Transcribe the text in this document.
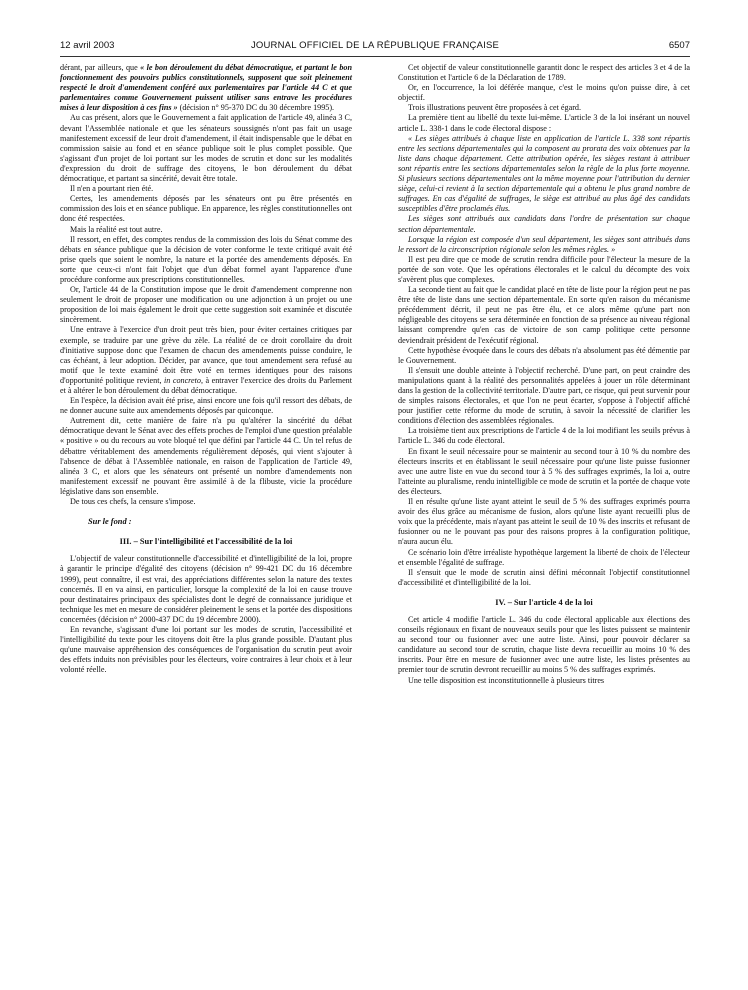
12 avril 2003	JOURNAL OFFICIEL DE LA RÉPUBLIQUE FRANÇAISE	6507

dérant, par ailleurs, que « le bon déroulement du débat démocratique, et partant le bon fonctionnement des pouvoirs publics constitutionnels, supposent que soit pleinement respecté le droit d'amendement conféré aux parlementaires par l'article 44 C et que parlementaires comme Gouvernement puissent utiliser sans entrave les procédures mises à leur disposition à ces fins » (décision n° 95-370 DC du 30 décembre 1995).

Au cas présent, alors que le Gouvernement a fait application de l'article 49, alinéa 3 C, devant l'Assemblée nationale et que les sénateurs soussignés n'ont pas fait un usage manifestement excessif de leur droit d'amendement, il était indispensable que le débat en commission saisie au fond et en séance publique soit le plus complet possible. Que s'agissant d'un projet de loi portant sur les modes de scrutin et donc sur les modalités d'expression du droit de suffrage des citoyens, le bon déroulement du débat démocratique, et partant sa sincérité, devait être totale.

Il n'en a pourtant rien été.

Certes, les amendements déposés par les sénateurs ont pu être présentés en commission des lois et en séance publique. En apparence, les règles constitutionnelles ont donc été respectées.

Mais la réalité est tout autre.

Il ressort, en effet, des comptes rendus de la commission des lois du Sénat comme des débats en séance publique que la décision de voter conforme le texte critiqué avait été prise quels que soient le nombre, la nature et la portée des amendements déposés. En sorte que ceux-ci n'ont fait l'objet que d'un débat formel ayant l'apparence d'une procédure conforme aux prescriptions constitutionnelles.

Or, l'article 44 de la Constitution impose que le droit d'amendement comprenne non seulement le droit de proposer une modification ou une adjonction à un projet ou une proposition de loi mais également le droit que cette suggestion soit examinée et discutée sincèrement.

Une entrave à l'exercice d'un droit peut très bien, pour éviter certaines critiques par exemple, se traduire par une grève du zèle. La réalité de ce droit corollaire du droit d'initiative suppose donc que l'examen de chacun des amendements puisse conduire, le cas échéant, à leur adoption. Décider, par avance, que tout amendement sera refusé au motif que le texte examiné doit être voté en termes identiques pour des raisons d'opportunité politique revient, in concreto, à entraver l'exercice des droits du Parlement et à altérer le bon déroulement du débat démocratique.

En l'espèce, la décision avait été prise, ainsi encore une fois qu'il ressort des débats, de ne donner aucune suite aux amendements déposés par quiconque.

Autrement dit, cette manière de faire n'a pu qu'altérer la sincérité du débat démocratique devant le Sénat avec des effets proches de l'emploi d'une question préalable « positive » ou du recours au vote bloqué tel que défini par l'article 44 C. Un tel refus de débattre véritablement des amendements régulièrement déposés, qui vient s'ajouter à l'absence de débat à l'Assemblée nationale, en raison de l'application de l'article 49, alinéa 3 C, et alors que les sénateurs ont présenté un nombre d'amendements non manifestement excessif ne pouvant être assimilé à de la flibuste, vicie la procédure législative dans son ensemble.

De tous ces chefs, la censure s'impose.

Sur le fond :
III. – Sur l'intelligibilité et l'accessibilité de la loi

L'objectif de valeur constitutionnelle d'accessibilité et d'intelligibilité de la loi, propre à garantir le principe d'égalité des citoyens (décision n° 99-421 DC du 16 décembre 1999), peut connaître, il est vrai, des appréciations différentes selon la nature des textes concernés. Il en va ainsi, en particulier, lorsque la complexité de la loi en cause trouve pour destinataires principaux des spécialistes dont le degré de connaissance juridique et technique les met en mesure de considérer pleinement le sens et la portée des dispositions concernées (décision n° 2000-437 DC du 19 décembre 2000).

En revanche, s'agissant d'une loi portant sur les modes de scrutin, l'accessibilité et l'intelligibilité du texte pour les citoyens doit être la plus grande possible. D'autant plus qu'une mauvaise appréhension des conséquences de l'organisation du scrutin peut avoir des effets induits non prévisibles pour les électeurs, voire contraires à leur choix et à leur volonté réelle.

Cet objectif de valeur constitutionnelle garantit donc le respect des articles 3 et 4 de la Constitution et l'article 6 de la Déclaration de 1789.

Or, en l'occurrence, la loi déférée manque, c'est le moins qu'on puisse dire, à cet objectif.

Trois illustrations peuvent être proposées à cet égard.

La première tient au libellé du texte lui-même. L'article 3 de la loi insérant un nouvel article L. 338-1 dans le code électoral dispose :

« Les sièges attribués à chaque liste en application de l'article L. 338 sont répartis entre les sections départementales qui la composent au prorata des voix obtenues par la liste dans chaque département. Cette attribution opérée, les sièges restant à attribuer sont répartis entre les sections départementales selon la règle de la plus forte moyenne. Si plusieurs sections départementales ont la même moyenne pour l'attribution du dernier siège, celui-ci revient à la section départementale qui a obtenu le plus grand nombre de suffrages. En cas d'égalité de suffrages, le siège est attribué au plus âgé des candidats susceptibles d'être proclamés élus.

Les sièges sont attribués aux candidats dans l'ordre de présentation sur chaque section départementale.

Lorsque la région est composée d'un seul département, les sièges sont attribués dans le ressort de la circonscription régionale selon les mêmes règles. »

Il est peu dire que ce mode de scrutin rendra difficile pour l'électeur la mesure de la portée de son vote. Que les opérations électorales et le calcul du décompte des voix s'avèrent plus que complexes.

La seconde tient au fait que le candidat placé en tête de liste pour la région peut ne pas être tête de liste dans une section départementale. En sorte qu'en raison du mécanisme précédemment décrit, il peut ne pas être élu, et ce alors même qu'une part non négligeable des citoyens se sera déterminée en fonction de sa présence au niveau régional laissant comprendre qu'en cas de victoire de son camp politique cette personne deviendrait président de l'exécutif régional.

Cette hypothèse évoquée dans le cours des débats n'a absolument pas été démentie par le Gouvernement.

Il s'ensuit une double atteinte à l'objectif recherché. D'une part, on peut craindre des manipulations quant à la réalité des personnalités appelées à jouer un rôle déterminant dans la gestion de la collectivité territoriale. D'autre part, ce risque, qui peut survenir pour de simples raisons électorales, et que l'on ne peut écarter, s'oppose à l'objectif affiché pour justifier cette réforme du mode de scrutin, à savoir la nécessité de clarifier les conditions d'élection des assemblées régionales.

La troisième tient aux prescriptions de l'article 4 de la loi modifiant les seuils prévus à l'article L. 346 du code électoral.

En fixant le seuil nécessaire pour se maintenir au second tour à 10 % du nombre des électeurs inscrits et en établissant le seuil nécessaire pour qu'une liste puisse fusionner avec une autre liste en vue du second tour à 5 % des suffrages exprimés, la loi a, outre l'atteinte au pluralisme, rendu inintelligible ce mode de scrutin et la portée de chaque vote des électeurs.

Il en résulte qu'une liste ayant atteint le seuil de 5 % des suffrages exprimés pourra avoir des élus grâce au mécanisme de fusion, alors qu'une liste ayant recueilli plus de voix que la précédente, mais n'ayant pas atteint le seuil de 10 % des inscrits et refusant de fusionner ou ne le pouvant pas pour des raisons propres à la configuration politique, n'aura aucun élu.

Ce scénario loin d'être irréaliste hypothèque largement la liberté de choix de l'électeur et ensemble l'égalité de suffrage.

Il s'ensuit que le mode de scrutin ainsi défini méconnaît l'objectif constitutionnel d'accessibilité et d'intelligibilité de la loi.

IV. – Sur l'article 4 de la loi

Cet article 4 modifie l'article L. 346 du code électoral applicable aux élections des conseils régionaux en fixant de nouveaux seuils pour que les listes puissent se maintenir au second tour ou fusionner avec une autre liste. Ainsi, pour pouvoir déclarer sa candidature au second tour de scrutin, chaque liste devra recueillir au moins 10 % des inscrits. Pour être en mesure de fusionner avec une autre liste, les listes présentes au premier tour de scrutin devront recueillir au moins 5 % des suffrages exprimés.

Une telle disposition est inconstitutionnelle à plusieurs titres
